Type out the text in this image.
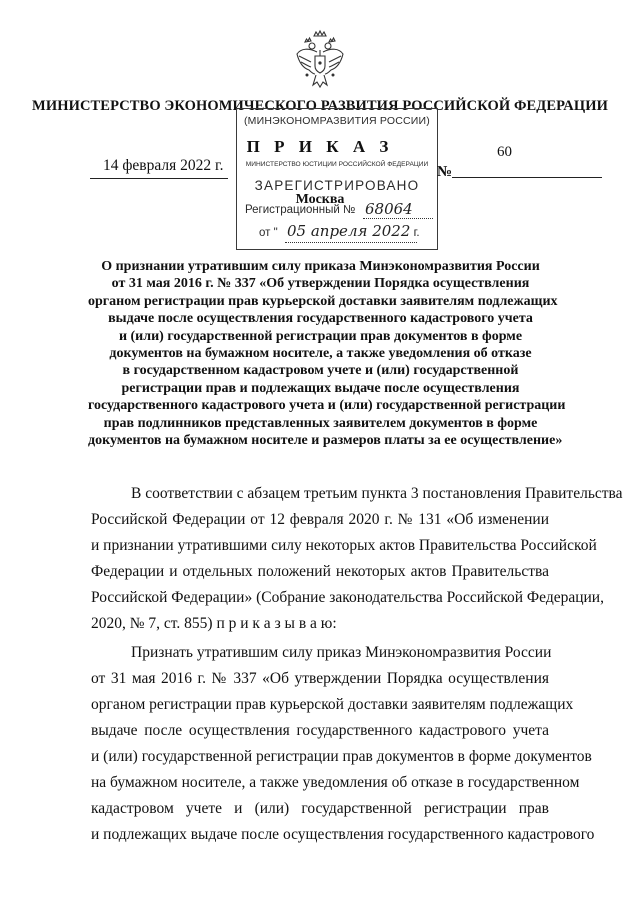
МИНИСТЕРСТВО ЭКОНОМИЧЕСКОГО РАЗВИТИЯ РОССИЙСКОЙ ФЕДЕРАЦИИ
(МИНЭКОНОМРАЗВИТИЯ РОССИИ)
МИНИСТЕРСТВО ЮСТИЦИИ РОССИЙСКОЙ ФЕДЕРАЦИИ
ЗАРЕГИСТРИРОВАНО
Регистрационный № 68064
от " 05 апреля 2022 г.
П Р И К А З
14 февраля 2022 г.	№
60
Москва
О признании утратившим силу приказа Минэкономразвития России
от 31 мая 2016 г. № 337 «Об утверждении Порядка осуществления
органом регистрации прав курьерской доставки заявителям подлежащих
выдаче после осуществления государственного кадастрового учета
и (или) государственной регистрации прав документов в форме
документов на бумажном носителе, а также уведомления об отказе
в государственном кадастровом учете и (или) государственной
регистрации прав и подлежащих выдаче после осуществления
государственного кадастрового учета и (или) государственной регистрации
прав подлинников представленных заявителем документов в форме
документов на бумажном носителе и размеров платы за ее осуществление»
В соответствии с абзацем третьим пункта 3 постановления Правительства
Российской Федерации от 12 февраля 2020 г. № 131 «Об изменении
и признании утратившими силу некоторых актов Правительства Российской
Федерации и отдельных положений некоторых актов Правительства
Российской Федерации» (Собрание законодательства Российской Федерации,
2020, № 7, ст. 855) п р и к а з ы в а ю:
Признать утратившим силу приказ Минэкономразвития России
от 31 мая 2016 г. № 337 «Об утверждении Порядка осуществления
органом регистрации прав курьерской доставки заявителям подлежащих
выдаче после осуществления государственного кадастрового учета
и (или) государственной регистрации прав документов в форме документов
на бумажном носителе, а также уведомления об отказе в государственном
кадастровом учете и (или) государственной регистрации прав
и подлежащих выдаче после осуществления государственного кадастрового
